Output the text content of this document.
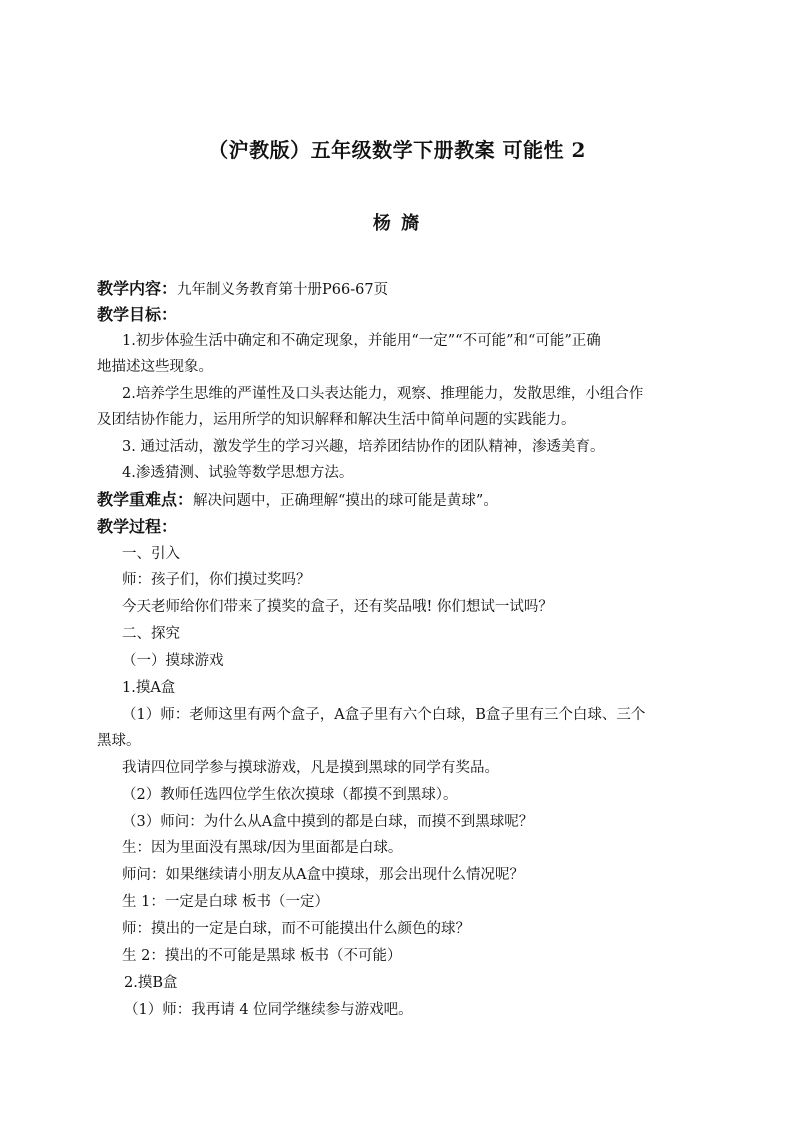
（沪教版）五年级数学下册教案 可能性 2
杨 旖
教学内容：九年制义务教育第十册P66-67页
教学目标：
1.初步体验生活中确定和不确定现象，并能用“一定”“不可能”和“可能”正确
地描述这些现象。
2.培养学生思维的严谨性及口头表达能力，观察、推理能力，发散思维，小组合作
及团结协作能力，运用所学的知识解释和解决生活中简单问题的实践能力。
3. 通过活动，激发学生的学习兴趣，培养团结协作的团队精神，渗透美育。
4.渗透猜测、试验等数学思想方法。
教学重难点：解决问题中，正确理解“摸出的球可能是黄球”。
教学过程：
一、引入
师：孩子们，你们摸过奖吗？
今天老师给你们带来了摸奖的盒子，还有奖品哦! 你们想试一试吗？
二、探究
（一）摸球游戏
1.摸A盒
（1）师：老师这里有两个盒子，A盒子里有六个白球，B盒子里有三个白球、三个
黑球。
我请四位同学参与摸球游戏，凡是摸到黑球的同学有奖品。
（2）教师任选四位学生依次摸球（都摸不到黑球）。
（3）师问：为什么从A盒中摸到的都是白球，而摸不到黑球呢？
生：因为里面没有黑球/因为里面都是白球。
师问：如果继续请小朋友从A盒中摸球，那会出现什么情况呢？
生 1：一定是白球 板书（一定）
师：摸出的一定是白球，而不可能摸出什么颜色的球？
生 2：摸出的不可能是黑球 板书（不可能）
2.摸B盒
（1）师：我再请 4 位同学继续参与游戏吧。
